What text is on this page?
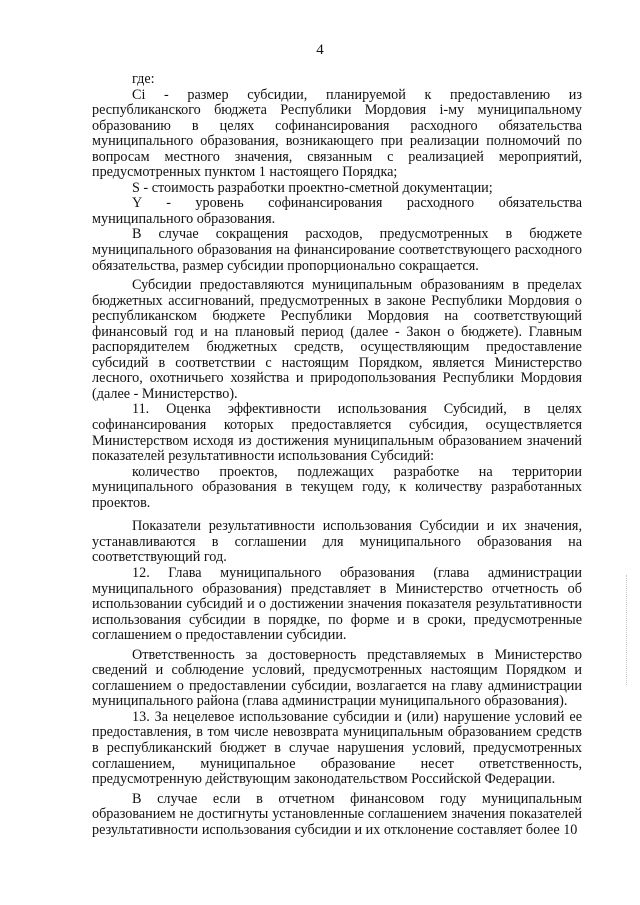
4

где:

Ci - размер субсидии, планируемой к предоставлению из республиканского бюджета Республики Мордовия i-му муниципальному образованию в целях софинансирования расходного обязательства муниципального образования, возникающего при реализации полномочий по вопросам местного значения, связанным с реализацией мероприятий, предусмотренных пунктом 1 настоящего Порядка;

S - стоимость разработки проектно-сметной документации;

Y - уровень софинансирования расходного обязательства муниципального образования.

В случае сокращения расходов, предусмотренных в бюджете муниципального образования на финансирование соответствующего расходного обязательства, размер субсидии пропорционально сокращается.

Субсидии предоставляются муниципальным образованиям в пределах бюджетных ассигнований, предусмотренных в законе Республики Мордовия о республиканском бюджете Республики Мордовия на соответствующий финансовый год и на плановый период (далее - Закон о бюджете). Главным распорядителем бюджетных средств, осуществляющим предоставление субсидий в соответствии с настоящим Порядком, является Министерство лесного, охотничьего хозяйства и природопользования Республики Мордовия (далее - Министерство).

11. Оценка эффективности использования Субсидий, в целях софинансирования которых предоставляется субсидия, осуществляется Министерством исходя из достижения муниципальным образованием значений показателей результативности использования Субсидий:

количество проектов, подлежащих разработке на территории муниципального образования в текущем году, к количеству разработанных проектов.

Показатели результативности использования Субсидии и их значения, устанавливаются в соглашении для муниципального образования на соответствующий год.

12. Глава муниципального образования (глава администрации муниципального образования) представляет в Министерство отчетность об использовании субсидий и о достижении значения показателя результативности использования субсидии в порядке, по форме и в сроки, предусмотренные соглашением о предоставлении субсидии.

Ответственность за достоверность представляемых в Министерство сведений и соблюдение условий, предусмотренных настоящим Порядком и соглашением о предоставлении субсидии, возлагается на главу администрации муниципального района (глава администрации муниципального образования).

13. За нецелевое использование субсидии и (или) нарушение условий ее предоставления, в том числе невозврата муниципальным образованием средств в республиканский бюджет в случае нарушения условий, предусмотренных соглашением, муниципальное образование несет ответственность, предусмотренную действующим законодательством Российской Федерации.

В случае если в отчетном финансовом году муниципальным образованием не достигнуты установленные соглашением значения показателей результативности использования субсидии и их отклонение составляет более 10
